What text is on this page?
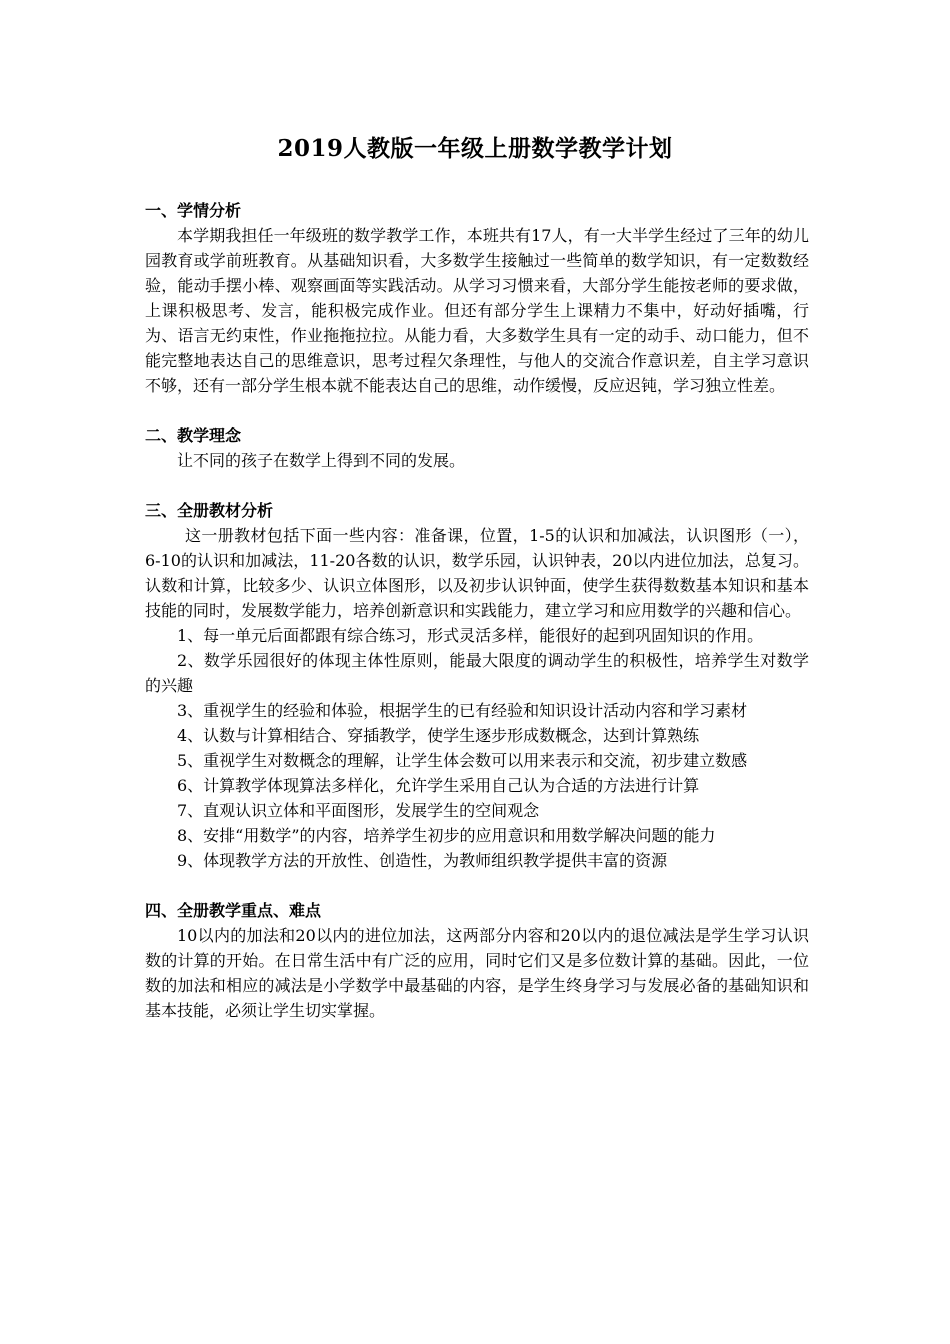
2019人教版一年级上册数学教学计划

一、学情分析

本学期我担任一年级班的数学教学工作，本班共有17人，有一大半学生经过了三年的幼儿园教育或学前班教育。从基础知识看，大多数学生接触过一些简单的数学知识，有一定数数经验，能动手摆小棒、观察画面等实践活动。从学习习惯来看，大部分学生能按老师的要求做，上课积极思考、发言，能积极完成作业。但还有部分学生上课精力不集中，好动好插嘴，行为、语言无约束性，作业拖拖拉拉。从能力看，大多数学生具有一定的动手、动口能力，但不能完整地表达自己的思维意识，思考过程欠条理性，与他人的交流合作意识差，自主学习意识不够，还有一部分学生根本就不能表达自己的思维，动作缓慢，反应迟钝，学习独立性差。

二、教学理念

让不同的孩子在数学上得到不同的发展。

三、全册教材分析

这一册教材包括下面一些内容：准备课，位置，1-5的认识和加减法，认识图形（一），6-10的认识和加减法，11-20各数的认识，数学乐园，认识钟表，20以内进位加法，总复习。认数和计算，比较多少、认识立体图形，以及初步认识钟面，使学生获得数数基本知识和基本技能的同时，发展数学能力，培养创新意识和实践能力，建立学习和应用数学的兴趣和信心。

1、每一单元后面都跟有综合练习，形式灵活多样，能很好的起到巩固知识的作用。

2、数学乐园很好的体现主体性原则，能最大限度的调动学生的积极性，培养学生对数学的兴趣

3、重视学生的经验和体验，根据学生的已有经验和知识设计活动内容和学习素材

4、认数与计算相结合、穿插教学，使学生逐步形成数概念，达到计算熟练

5、重视学生对数概念的理解，让学生体会数可以用来表示和交流，初步建立数感

6、计算教学体现算法多样化，允许学生采用自己认为合适的方法进行计算

7、直观认识立体和平面图形，发展学生的空间观念

8、安排“用数学”的内容，培养学生初步的应用意识和用数学解决问题的能力

9、体现教学方法的开放性、创造性，为教师组织教学提供丰富的资源

四、全册教学重点、难点

10以内的加法和20以内的进位加法，这两部分内容和20以内的退位减法是学生学习认识数的计算的开始。在日常生活中有广泛的应用，同时它们又是多位数计算的基础。因此，一位数的加法和相应的减法是小学数学中最基础的内容，是学生终身学习与发展必备的基础知识和基本技能，必须让学生切实掌握。
